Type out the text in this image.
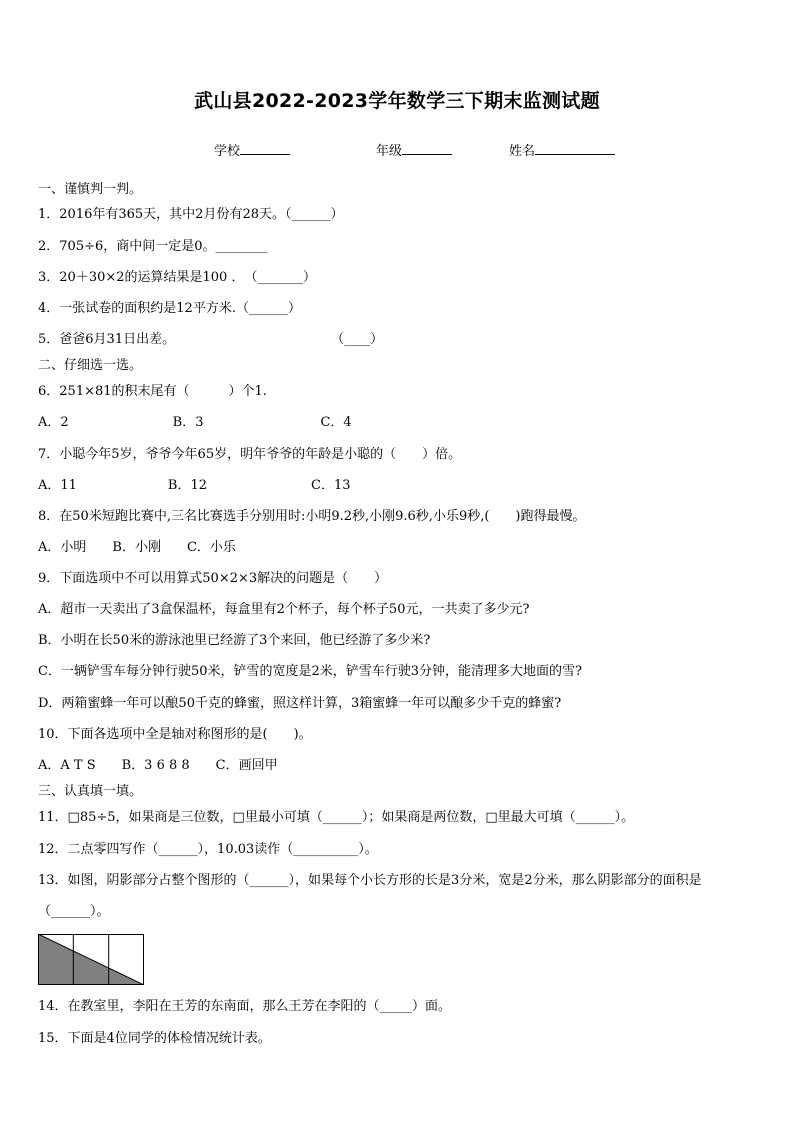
武山县2022-2023学年数学三下期末监测试题
学校	年级	姓名
一、谨慎判一判。
1．2016年有365天，其中2月份有28天。（______）
2．705÷6，商中间一定是0。________
3．20＋30×2的运算结果是100 ．　（_______）
4．一张试卷的面积约是12平方米.（______）
5．爸爸6月31日出差。　　　　　　　　　　　　　（____）
二、仔细选一选。
6．251×81的积末尾有（　　　）个1.
A．2　　　　　　　　B．3　　　　　　　　　C．4
7．小聪今年5岁，爷爷今年65岁，明年爷爷的年龄是小聪的（　　）倍。
A．11　　　　　　　B．12　　　　　　　　C．13
8．在50米短跑比赛中,三名比赛选手分别用时:小明9.2秒,小刚9.6秒,小乐9秒,(　　)跑得最慢。
A．小明　　B．小刚　　C．小乐
9．下面选项中不可以用算式50×2×3解决的问题是（　　）
A．超市一天卖出了3盒保温杯，每盒里有2个杯子，每个杯子50元，一共卖了多少元?
B．小明在长50米的游泳池里已经游了3个来回，他已经游了多少米?
C．一辆铲雪车每分钟行驶50米，铲雪的宽度是2米，铲雪车行驶3分钟，能清理多大地面的雪?
D．两箱蜜蜂一年可以酿50千克的蜂蜜，照这样计算，3箱蜜蜂一年可以酿多少千克的蜂蜜?
10．下面各选项中全是轴对称图形的是(　　)。
A．A T S　　B．3 6 8 8　　C．画回甲
三、认真填一填。
11．□85÷5，如果商是三位数，□里最小可填（______）；如果商是两位数，□里最大可填（______）。
12．二点零四写作（______），10.03读作（__________）。
13．如图，阴影部分占整个图形的（______），如果每个小长方形的长是3分米，宽是2分米，那么阴影部分的面积是
（______）。
14．在教室里，李阳在王芳的东南面，那么王芳在李阳的（_____）面。
15．下面是4位同学的体检情况统计表。
